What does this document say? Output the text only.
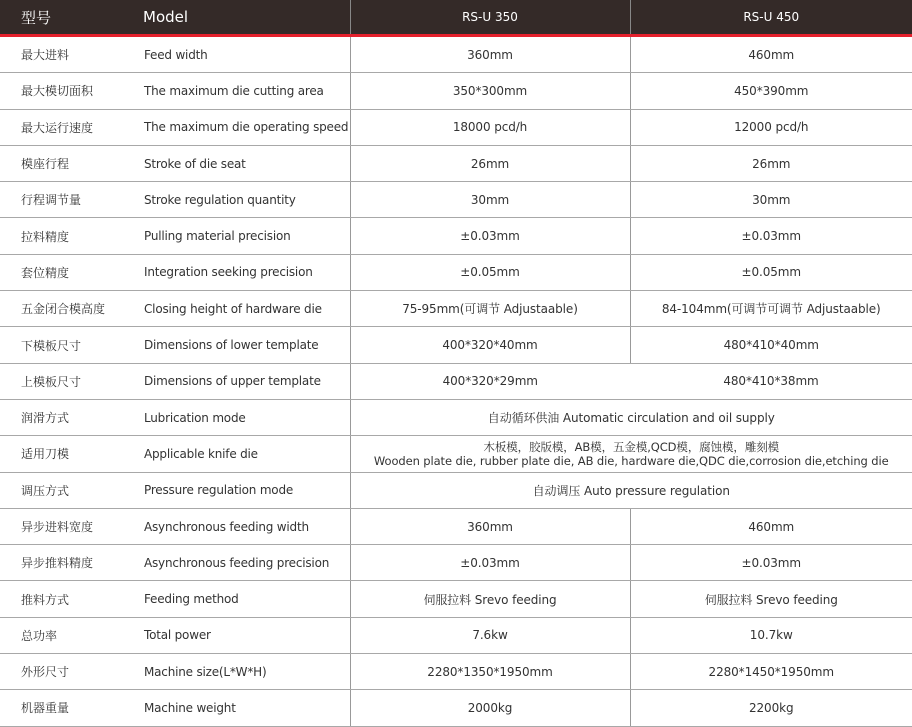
型号	Model	RS-U 350	RS-U 450
最大进料	Feed width	360mm	460mm
最大模切面积	The maximum die cutting area	350*300mm	450*390mm
最大运行速度	The maximum die operating speed	18000 pcd/h	12000 pcd/h
模座行程	Stroke of die seat	26mm	26mm
行程调节量	Stroke regulation quantity	30mm	30mm
拉料精度	Pulling material precision	±0.03mm	±0.03mm
套位精度	Integration seeking precision	±0.05mm	±0.05mm
五金闭合模高度	Closing height of hardware die	75-95mm(可调节 Adjustaable)	84-104mm(可调节可调节 Adjustaable)
下模板尺寸	Dimensions of lower template	400*320*40mm	480*410*40mm
上模板尺寸	Dimensions of upper template	400*320*29mm	480*410*38mm
润滑方式	Lubrication mode	自动循环供油 Automatic circulation and oil supply	

适用刀模	Applicable knife die	木板模，胶版模，AB模，五金模,QCD模，腐蚀模，雕刻模
Wooden plate die, rubber plate die, AB die, hardware die,QDC die,corrosion die,etching die	

调压方式	Pressure regulation mode	自动调压 Auto pressure regulation	

异步进料宽度	Asynchronous feeding width	360mm	460mm
异步推料精度	Asynchronous feeding precision	±0.03mm	±0.03mm
推料方式	Feeding method	伺服拉料 Srevo feeding	伺服拉料 Srevo feeding
总功率	Total power	7.6kw	10.7kw
外形尺寸	Machine size(L*W*H)	2280*1350*1950mm	2280*1450*1950mm
机器重量	Machine weight	2000kg	2200kg
